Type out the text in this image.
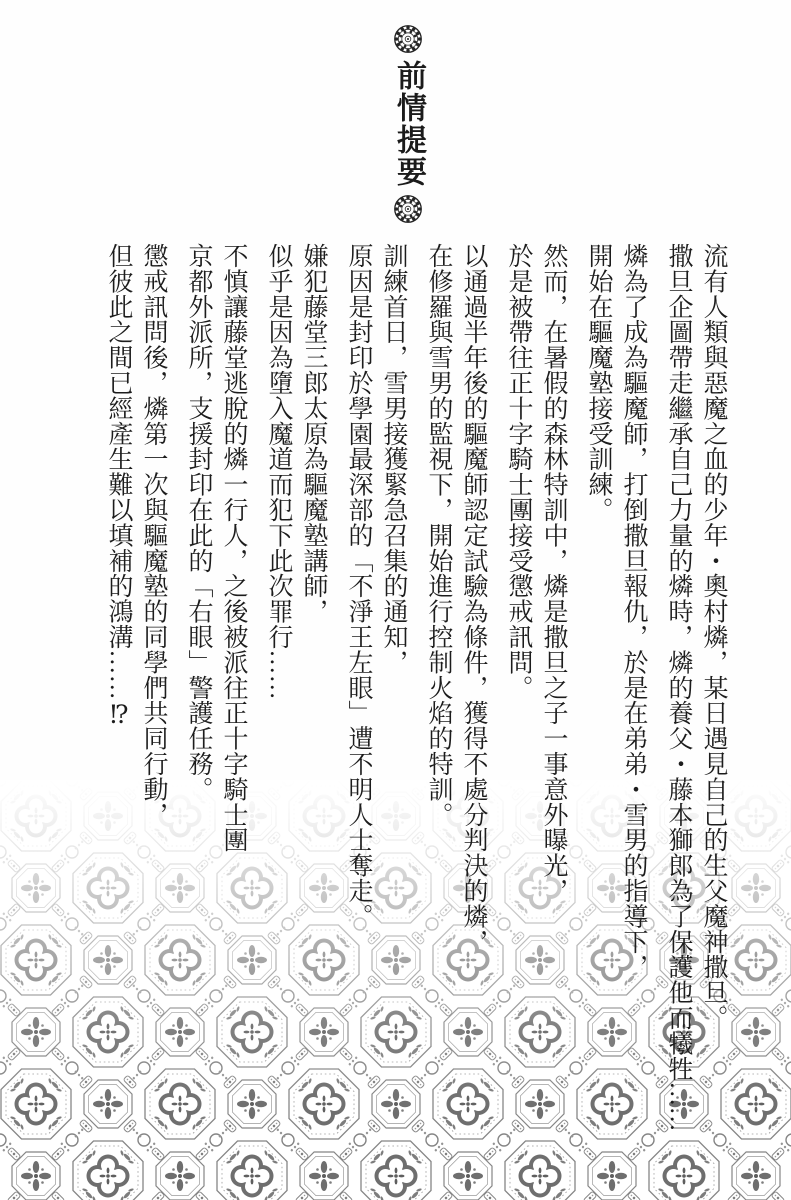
前情提要
流有人類與惡魔之血的少年・奧村燐，某日遇見自己的生父魔神撒旦。
撒旦企圖帶走繼承自己力量的燐時，燐的養父・藤本獅郎為了保護他而犧牲……
燐為了成為驅魔師，打倒撒旦報仇，於是在弟弟・雪男的指導下，
開始在驅魔塾接受訓練。
然而，在暑假的森林特訓中，燐是撒旦之子一事意外曝光，
於是被帶往正十字騎士團接受懲戒訊問。
以通過半年後的驅魔師認定試驗為條件，獲得不處分判決的燐，
在修羅與雪男的監視下，開始進行控制火焰的特訓。
訓練首日，雪男接獲緊急召集的通知，
原因是封印於學園最深部的「不淨王左眼」遭不明人士奪走。
嫌犯藤堂三郎太原為驅魔塾講師，
似乎是因為墮入魔道而犯下此次罪行……
不慎讓藤堂逃脫的燐一行人，之後被派往正十字騎士團
京都外派所，支援封印在此的「右眼」警護任務。
懲戒訊問後，燐第一次與驅魔塾的同學們共同行動，
但彼此之間已經產生難以填補的鴻溝……⁉
